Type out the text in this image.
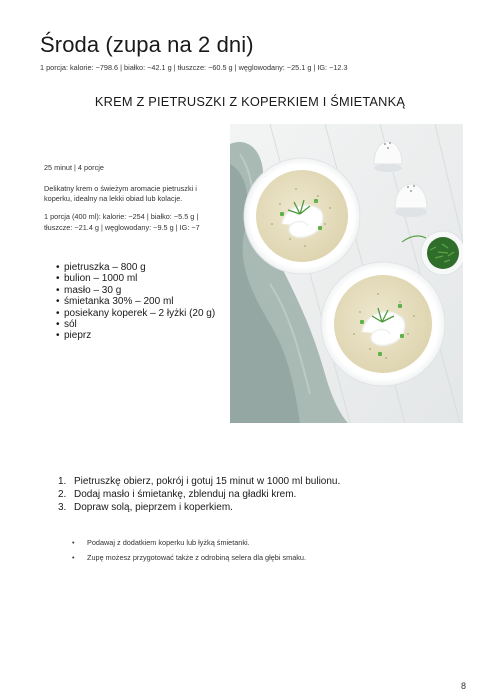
Środa (zupa na 2 dni)
1 porcja: kalorie: ~798.6 | białko: ~42.1 g | tłuszcze: ~60.5 g | węglowodany: ~25.1 g | IG: ~12.3
KREM Z PIETRUSZKI Z KOPERKIEM I ŚMIETANKĄ
25 minut | 4 porcje
Delikatny krem o świeżym aromacie pietruszki i koperku, idealny na lekki obiad lub kolacje.
1 porcja (400 ml): kalorie: ~254 | białko: ~5.5 g | tłuszcze: ~21.4 g | węglowodany: ~9.5 g | IG: ~7
• pietruszka – 800 g
• bulion – 1000 ml
• masło – 30 g
• śmietanka 30% – 200 ml
• posiekany koperek – 2 łyżki (20 g)
• sól
• pieprz
1. Pietruszkę obierz, pokrój i gotuj 15 minut w 1000 ml bulionu.
2. Dodaj masło i śmietankę, zblenduj na gładki krem.
3. Dopraw solą, pieprzem i koperkiem.
• Podawaj z dodatkiem koperku lub łyżką śmietanki.
• Zupę możesz przygotować także z odrobiną selera dla głębi smaku.
8
